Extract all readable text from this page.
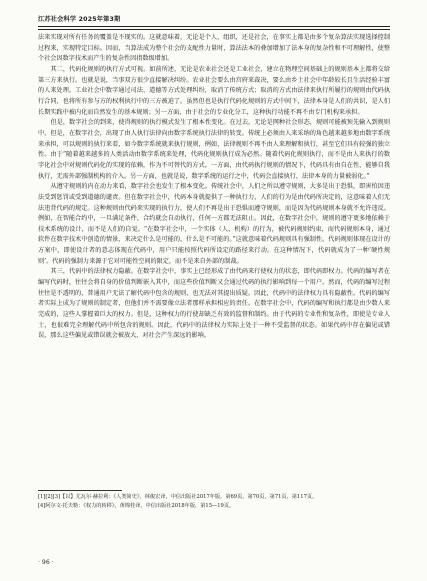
江苏社会科学 2025年第3期

法来实现对所有任务的覆盖是不现实的。这就意味着，无论是个人、组织，还是社会，在事实上都是由多个复杂算法实现选择控制过程来，实现特定目标。因而，当算法成为整个社会的支配性力量时，算法法本的叠加增加了法本身的复杂性和不可理解性，使整个社会因数字技术而产生的复杂性因指数级增加。

其二，代码化规则的执行方式可视。如前所述，无论是农业社会还是工业社会，建立在物理空间基础上的规则基本上都将交给第三方来执行。也就是说，当事双方很少直接解决纠纷。农业社会要么由宫府来裁决，要么由乡土社会中年龄较长且生活经验丰富的人来处理。工业社会中数字通过司法、道德等方式处理纠纷，取消了传统方式；取消的方式由法律来执行所履行的规则由代码执行合同，也将所有参与方的权利执行中的三方被迫了。虽然但也是执行代码化规则的方式中间下，法律本身是人们的共识，是人们长期实践中被内化而自然发生的基本规则；另一方面，由于社会的专业化分工，这种执行功能不再不由专门机构来承担。

但是，数字社会的到来，使得规则的执行模式发生了根本性变化。在过去，无论是网种社会形态，规则可能被预先输入到规则中，但是，在数字社会，出现了由人执行法律向由数字系统执行法律的转变。传统上必须由人来采纳的角色越来越多地由数字系统来承担，可以规则的执行来看，如今数字系统就来执行规则，例如，法律规则不再不由人来理解和执行，甚至它们具有较强的独立性。由于“随着越来越多的人类活动由数字系统来处理，代码化规则执行成为必然。随着代码化规则执行，而不是由人来执行的数字化社会中对规则代码化的实现的依赖，作为不可替代的方式。一方面，由代码执行规则的情况下，代码具有由自在性，能够自我执行，无需外部强制机构的介入。另一方面，也就是说，数字系统的运行之中，代码会直接执行，法律本身的力量被弱化。”

从遵守规则的内在动力来看，数字社会也发生了根本变化。传统社会中，人们之所以遵守规则，大多是出于恐惧，即害怕因违法受到惩罚或受到道德的谴责。但在数字社会中，代码本身就提供了一种执行力，人们的行为是由代码所决定的，这意味着人们无法违背代码的规定。这种规则由代码来实现的执行力，使人们不再是出于恐惧而遵守规则，而是因为代码规则本身就不允许违反。例如，在智能合约中，一旦满足条件，合约就会自动执行，任何一方都无法阻止。因此，在数字社会中，规则的遵守更多地依赖于技术系统的设计，而不是人们的自觉。“在数字社会中，一个实体（人、机构）的行为，被代码规则约束，而代码规则本身，通过软件在数字技术中创造的情景，来决定什么是可能的，什么是不可能的。”这就意味着代码规则具有强制性。代码规则体现在设计的方案中，即使设计者的意志体现在代码中，用户只能按照代码所设定的路径来行动。在这种情况下，代码就成为了一种‘硬性规则’。代码的强制力来源于它对可能性空间的限定，而不是来自外部的制裁。

其三，代码中的法律权力隐蔽。在数字社会中，事实上已经形成了由代码来行使权力的状态，即代码即权力。代码的编写者在编写代码时，往往会将自身的价值判断嵌入其中，而这些价值判断又会通过代码的执行影响到每一个用户。然而，代码的编写过程往往是不透明的，普通用户无法了解代码中包含的规则，也无法对其提出质疑。因此，代码中的法律权力具有隐蔽性。代码的编写者实际上成为了规则的制定者，但他们并不需要像立法者那样承担相应的责任。在数字社会中，代码的编写和执行都是由少数人来完成的，这些人掌握着巨大的权力。但是，这种权力的行使却缺乏有效的监督和制约。由于代码的专业性和复杂性，即使是专业人士，也很难完全理解代码中所包含的规则。因此，代码中的法律权力实际上处于一种不受监督的状态。如果代码中存在偏见或错误，那么这些偏见或错误就会被放大，对社会产生深远的影响。

[1][2][3]【以】尤瓦尔·赫拉利：《人类简史》，林俊宏译，中信出版社2017年版，第69页，第70页，第71页，第117页。

[4]阿尔文·托夫勒：《权力的转移》，黄锦桂译，中信出版社2018年版，第15—19页。

· 96 ·
